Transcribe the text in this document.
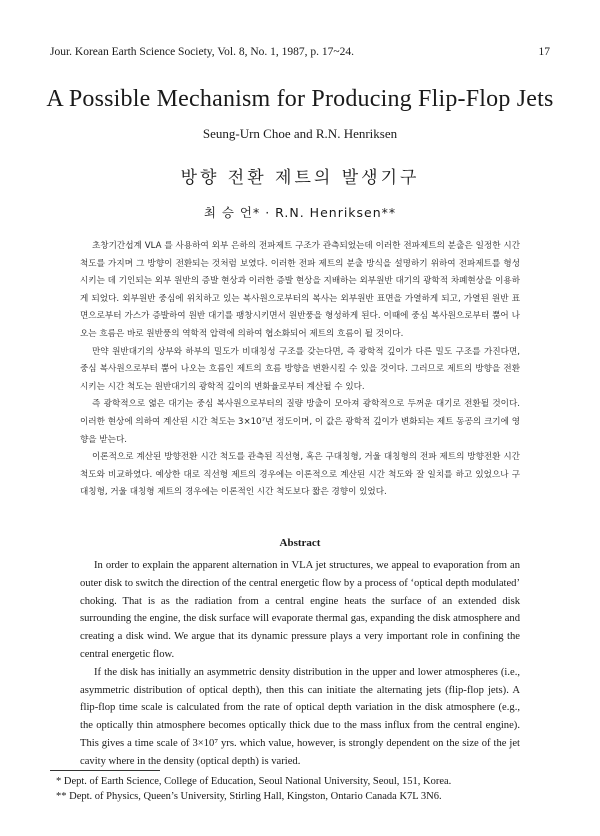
Jour. Korean Earth Science Society, Vol. 8, No. 1, 1987, p. 17~24.	17
A Possible Mechanism for Producing Flip-Flop Jets
Seung-Urn Choe and R.N. Henriksen
방향 전환 제트의 발생기구
최 승 언* · R.N. Henriksen**

초창기간섭계 VLA 를 사용하여 외부 은하의 전파제트 구조가 관측되었는데 이러한 전파제트의 분출은 일정한 시간 척도를 가지며 그 방향이 전환되는 것처럼 보였다. 이러한 전파 제트의 분출 방식을 설명하기 위하여 전파제트를 형성시키는 데 기인되는 외부 원반의 증발 현상과 이러한 증발 현상을 지배하는 외부원반 대기의 광학적 차폐현상을 이용하게 되었다. 외부원반 중심에 위치하고 있는 복사원으로부터의 복사는 외부원반 표면을 가열하게 되고, 가열된 원반 표면으로부터 가스가 증발하여 원반 대기를 팽창시키면서 원반풍을 형성하게 된다. 이때에 중심 복사원으로부터 뿜어 나오는 흐름은 바로 원반풍의 역학적 압력에 의하여 협소화되어 제트의 흐름이 될 것이다.

만약 원반대기의 상부와 하부의 밀도가 비대칭성 구조를 갖는다면, 즉 광학적 깊이가 다른 밀도 구조를 가진다면, 중심 복사원으로부터 뿜어 나오는 흐름인 제트의 흐름 방향을 변환시킬 수 있을 것이다. 그러므로 제트의 방향을 전환시키는 시간 척도는 원반대기의 광학적 깊이의 변화율로부터 계산될 수 있다.

즉 광학적으로 엷은 대기는 중심 복사원으로부터의 질량 방출이 모아져 광학적으로 두꺼운 대기로 전환될 것이다. 이러한 현상에 의하여 계산된 시간 척도는 3×10⁷년 정도이며, 이 값은 광학적 깊이가 변화되는 제트 동공의 크기에 영향을 받는다.

이론적으로 계산된 방향전환 시간 척도를 관측된 직선형, 혹은 구대칭형, 거울 대칭형의 전파 제트의 방향전환 시간 척도와 비교하였다. 예상한 대로 직선형 제트의 경우에는 이론적으로 계산된 시간 척도와 잘 일치를 하고 있었으나 구대칭형, 거울 대칭형 제트의 경우에는 이론적인 시간 척도보다 짧은 경향이 있었다.

Abstract

In order to explain the apparent alternation in VLA jet structures, we appeal to evaporation from an outer disk to switch the direction of the central energetic flow by a process of ‘optical depth modulated’ choking. That is as the radiation from a central engine heats the surface of an extended disk surrounding the engine, the disk surface will evaporate thermal gas, expanding the disk atmosphere and creating a disk wind. We argue that its dynamic pressure plays a very important role in confining the central energetic flow.

If the disk has initially an asymmetric density distribution in the upper and lower atmospheres (i.e., asymmetric distribution of optical depth), then this can initiate the alternating jets (flip-flop jets). A flip-flop time scale is calculated from the rate of optical depth variation in the disk atmosphere (e.g., the optically thin atmosphere becomes optically thick due to the mass influx from the central engine). This gives a time scale of 3×10⁷ yrs. which value, however, is strongly dependent on the size of the jet cavity where in the density (optical depth) is varied.

* Dept. of Earth Science, College of Education, Seoul National University, Seoul, 151, Korea.
** Dept. of Physics, Queen’s University, Stirling Hall, Kingston, Ontario Canada K7L 3N6.
